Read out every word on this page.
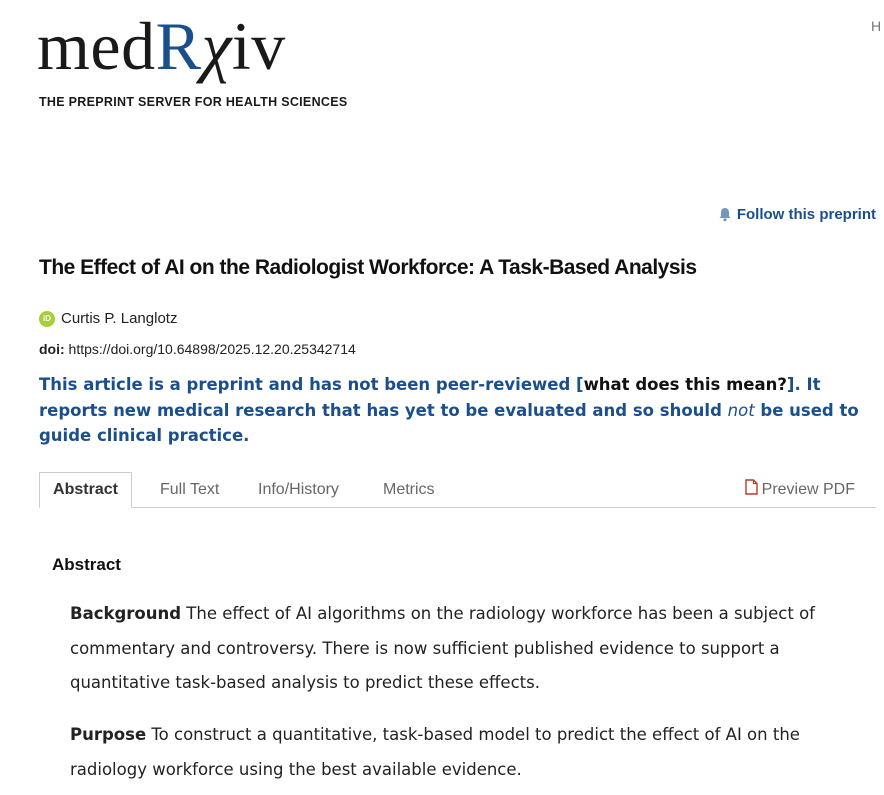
medRχiv
THE PREPRINT SERVER FOR HEALTH SCIENCES
H
Follow this preprint
The Effect of AI on the Radiologist Workforce: A Task-Based Analysis
iD Curtis P. Langlotz
doi: https://doi.org/10.64898/2025.12.20.25342714
This article is a preprint and has not been peer-reviewed [what does this mean?]. It reports new medical research that has yet to be evaluated and so should not be used to guide clinical practice.
Abstract	Full Text Info/History	Metrics	Preview PDF
Abstract
Background The effect of AI algorithms on the radiology workforce has been a subject of commentary and controversy. There is now sufficient published evidence to support a quantitative task-based analysis to predict these effects.
Purpose To construct a quantitative, task-based model to predict the effect of AI on the radiology workforce using the best available evidence.
